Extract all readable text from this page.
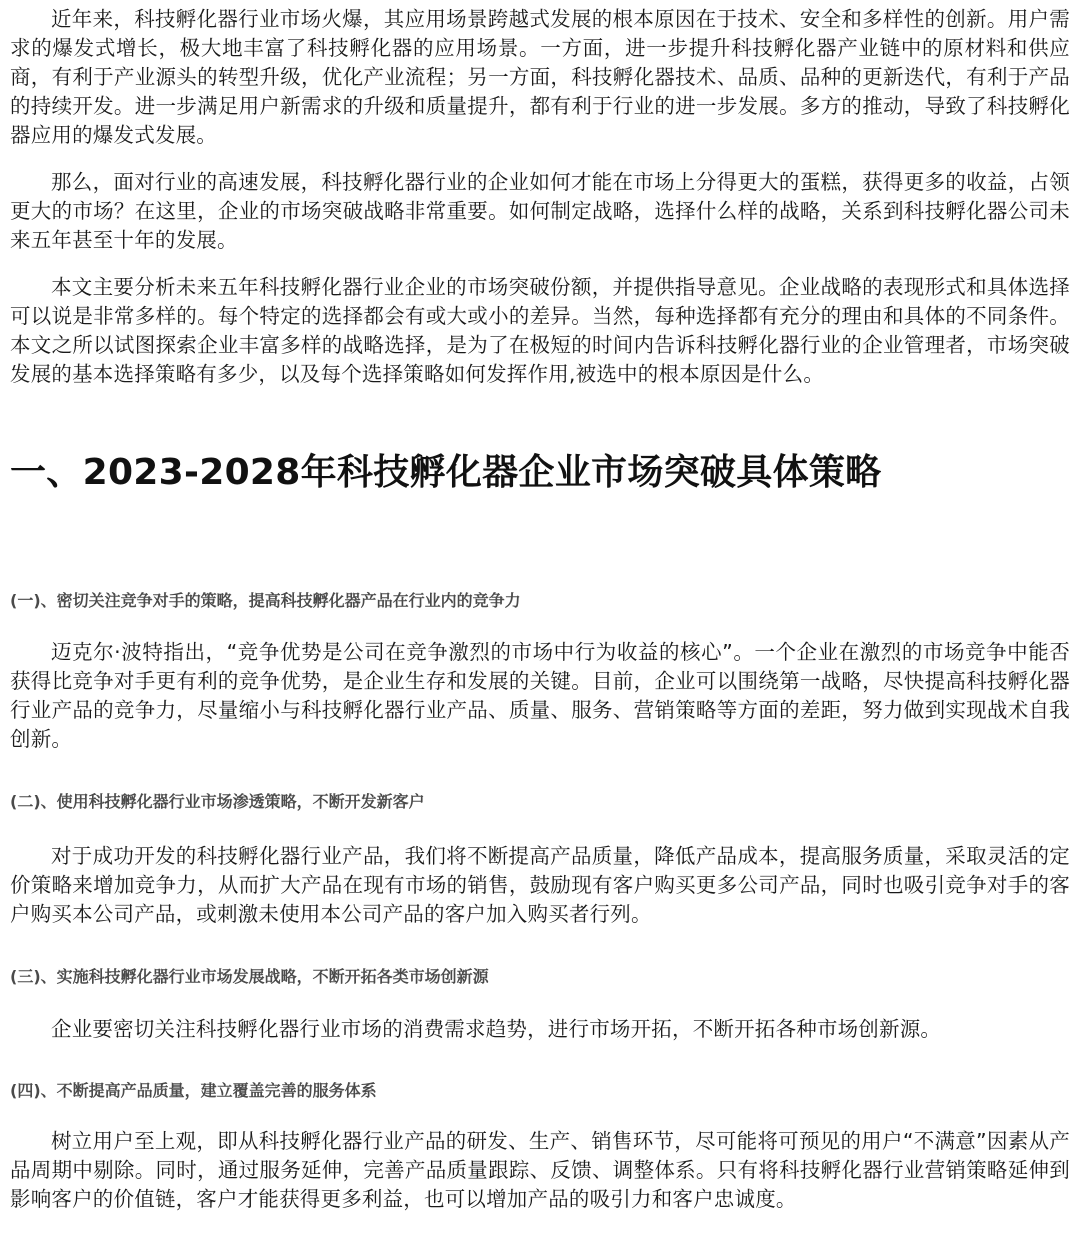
近年来，科技孵化器行业市场火爆，其应用场景跨越式发展的根本原因在于技术、安全和多样性的创新。用户需求的爆发式增长，极大地丰富了科技孵化器的应用场景。一方面，进一步提升科技孵化器产业链中的原材料和供应商，有利于产业源头的转型升级，优化产业流程；另一方面，科技孵化器技术、品质、品种的更新迭代，有利于产品的持续开发。进一步满足用户新需求的升级和质量提升，都有利于行业的进一步发展。多方的推动，导致了科技孵化器应用的爆发式发展。

那么，面对行业的高速发展，科技孵化器行业的企业如何才能在市场上分得更大的蛋糕，获得更多的收益，占领更大的市场？在这里，企业的市场突破战略非常重要。如何制定战略，选择什么样的战略，关系到科技孵化器公司未来五年甚至十年的发展。

本文主要分析未来五年科技孵化器行业企业的市场突破份额，并提供指导意见。企业战略的表现形式和具体选择可以说是非常多样的。每个特定的选择都会有或大或小的差异。当然，每种选择都有充分的理由和具体的不同条件。本文之所以试图探索企业丰富多样的战略选择，是为了在极短的时间内告诉科技孵化器行业的企业管理者，市场突破发展的基本选择策略有多少，以及每个选择策略如何发挥作用,被选中的根本原因是什么。

一、2023-2028年科技孵化器企业市场突破具体策略
(一)、密切关注竞争对手的策略，提高科技孵化器产品在行业内的竞争力

迈克尔·波特指出，“竞争优势是公司在竞争激烈的市场中行为收益的核心”。一个企业在激烈的市场竞争中能否获得比竞争对手更有利的竞争优势，是企业生存和发展的关键。目前，企业可以围绕第一战略，尽快提高科技孵化器行业产品的竞争力，尽量缩小与科技孵化器行业产品、质量、服务、营销策略等方面的差距，努力做到实现战术自我创新。

(二)、使用科技孵化器行业市场渗透策略，不断开发新客户

对于成功开发的科技孵化器行业产品，我们将不断提高产品质量，降低产品成本，提高服务质量，采取灵活的定价策略来增加竞争力，从而扩大产品在现有市场的销售，鼓励现有客户购买更多公司产品，同时也吸引竞争对手的客户购买本公司产品，或刺激未使用本公司产品的客户加入购买者行列。

(三)、实施科技孵化器行业市场发展战略，不断开拓各类市场创新源

企业要密切关注科技孵化器行业市场的消费需求趋势，进行市场开拓，不断开拓各种市场创新源。

(四)、不断提高产品质量，建立覆盖完善的服务体系

树立用户至上观，即从科技孵化器行业产品的研发、生产、销售环节，尽可能将可预见的用户“不满意”因素从产品周期中剔除。同时，通过服务延伸，完善产品质量跟踪、反馈、调整体系。只有将科技孵化器行业营销策略延伸到影响客户的价值链，客户才能获得更多利益，也可以增加产品的吸引力和客户忠诚度。
